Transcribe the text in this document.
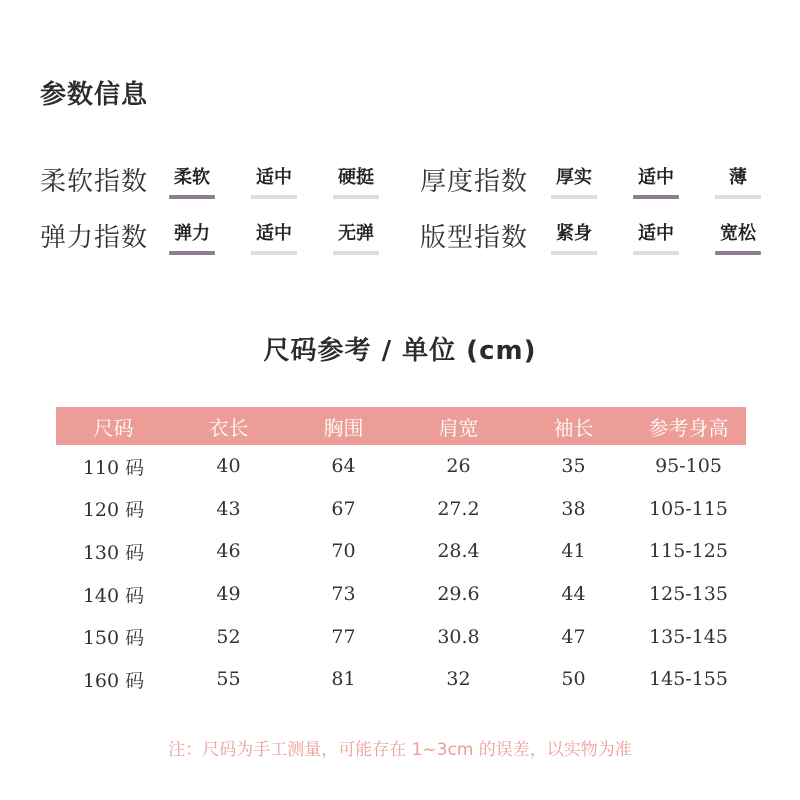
参数信息
柔软指数 柔软	适中	硬挺 厚度指数 厚实	适中	薄
弹力指数 弹力	适中	无弹 版型指数 紧身	适中	宽松
尺码参考 / 单位 (cm)
尺码	衣长	胸围	肩宽	袖长	参考身高
110 码	40	64	26	35	95-105
120 码	43	67	27.2	38	105-115
130 码	46	70	28.4	41	115-125
140 码	49	73	29.6	44	125-135
150 码	52	77	30.8	47	135-145
160 码	55	81	32	50	145-155
注：尺码为手工测量，可能存在 1~3cm 的误差，以实物为准
